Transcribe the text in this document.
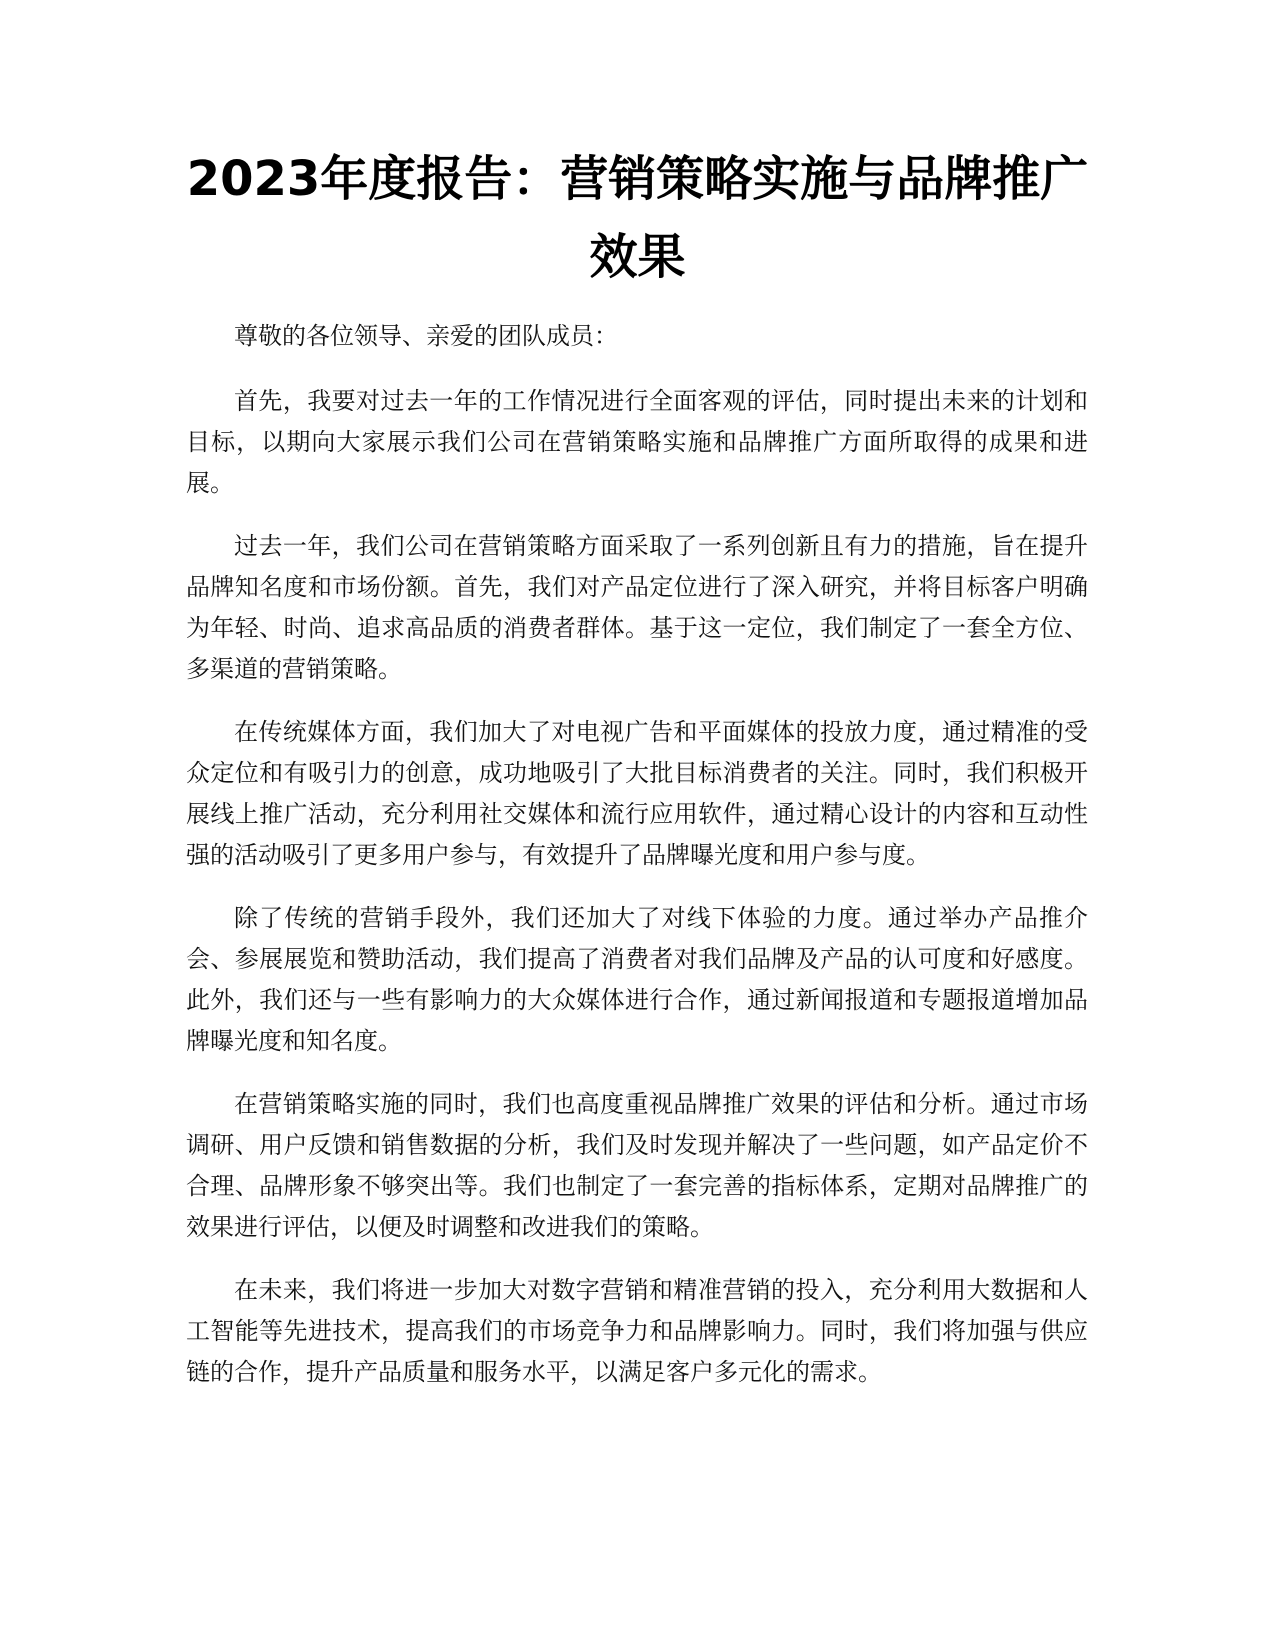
2023年度报告：营销策略实施与品牌推广效果

尊敬的各位领导、亲爱的团队成员：

首先，我要对过去一年的工作情况进行全面客观的评估，同时提出未来的计划和目标，以期向大家展示我们公司在营销策略实施和品牌推广方面所取得的成果和进展。

过去一年，我们公司在营销策略方面采取了一系列创新且有力的措施，旨在提升品牌知名度和市场份额。首先，我们对产品定位进行了深入研究，并将目标客户明确为年轻、时尚、追求高品质的消费者群体。基于这一定位，我们制定了一套全方位、多渠道的营销策略。

在传统媒体方面，我们加大了对电视广告和平面媒体的投放力度，通过精准的受众定位和有吸引力的创意，成功地吸引了大批目标消费者的关注。同时，我们积极开展线上推广活动，充分利用社交媒体和流行应用软件，通过精心设计的内容和互动性强的活动吸引了更多用户参与，有效提升了品牌曝光度和用户参与度。

除了传统的营销手段外，我们还加大了对线下体验的力度。通过举办产品推介会、参展展览和赞助活动，我们提高了消费者对我们品牌及产品的认可度和好感度。此外，我们还与一些有影响力的大众媒体进行合作，通过新闻报道和专题报道增加品牌曝光度和知名度。

在营销策略实施的同时，我们也高度重视品牌推广效果的评估和分析。通过市场调研、用户反馈和销售数据的分析，我们及时发现并解决了一些问题，如产品定价不合理、品牌形象不够突出等。我们也制定了一套完善的指标体系，定期对品牌推广的效果进行评估，以便及时调整和改进我们的策略。

在未来，我们将进一步加大对数字营销和精准营销的投入，充分利用大数据和人工智能等先进技术，提高我们的市场竞争力和品牌影响力。同时，我们将加强与供应链的合作，提升产品质量和服务水平，以满足客户多元化的需求。
